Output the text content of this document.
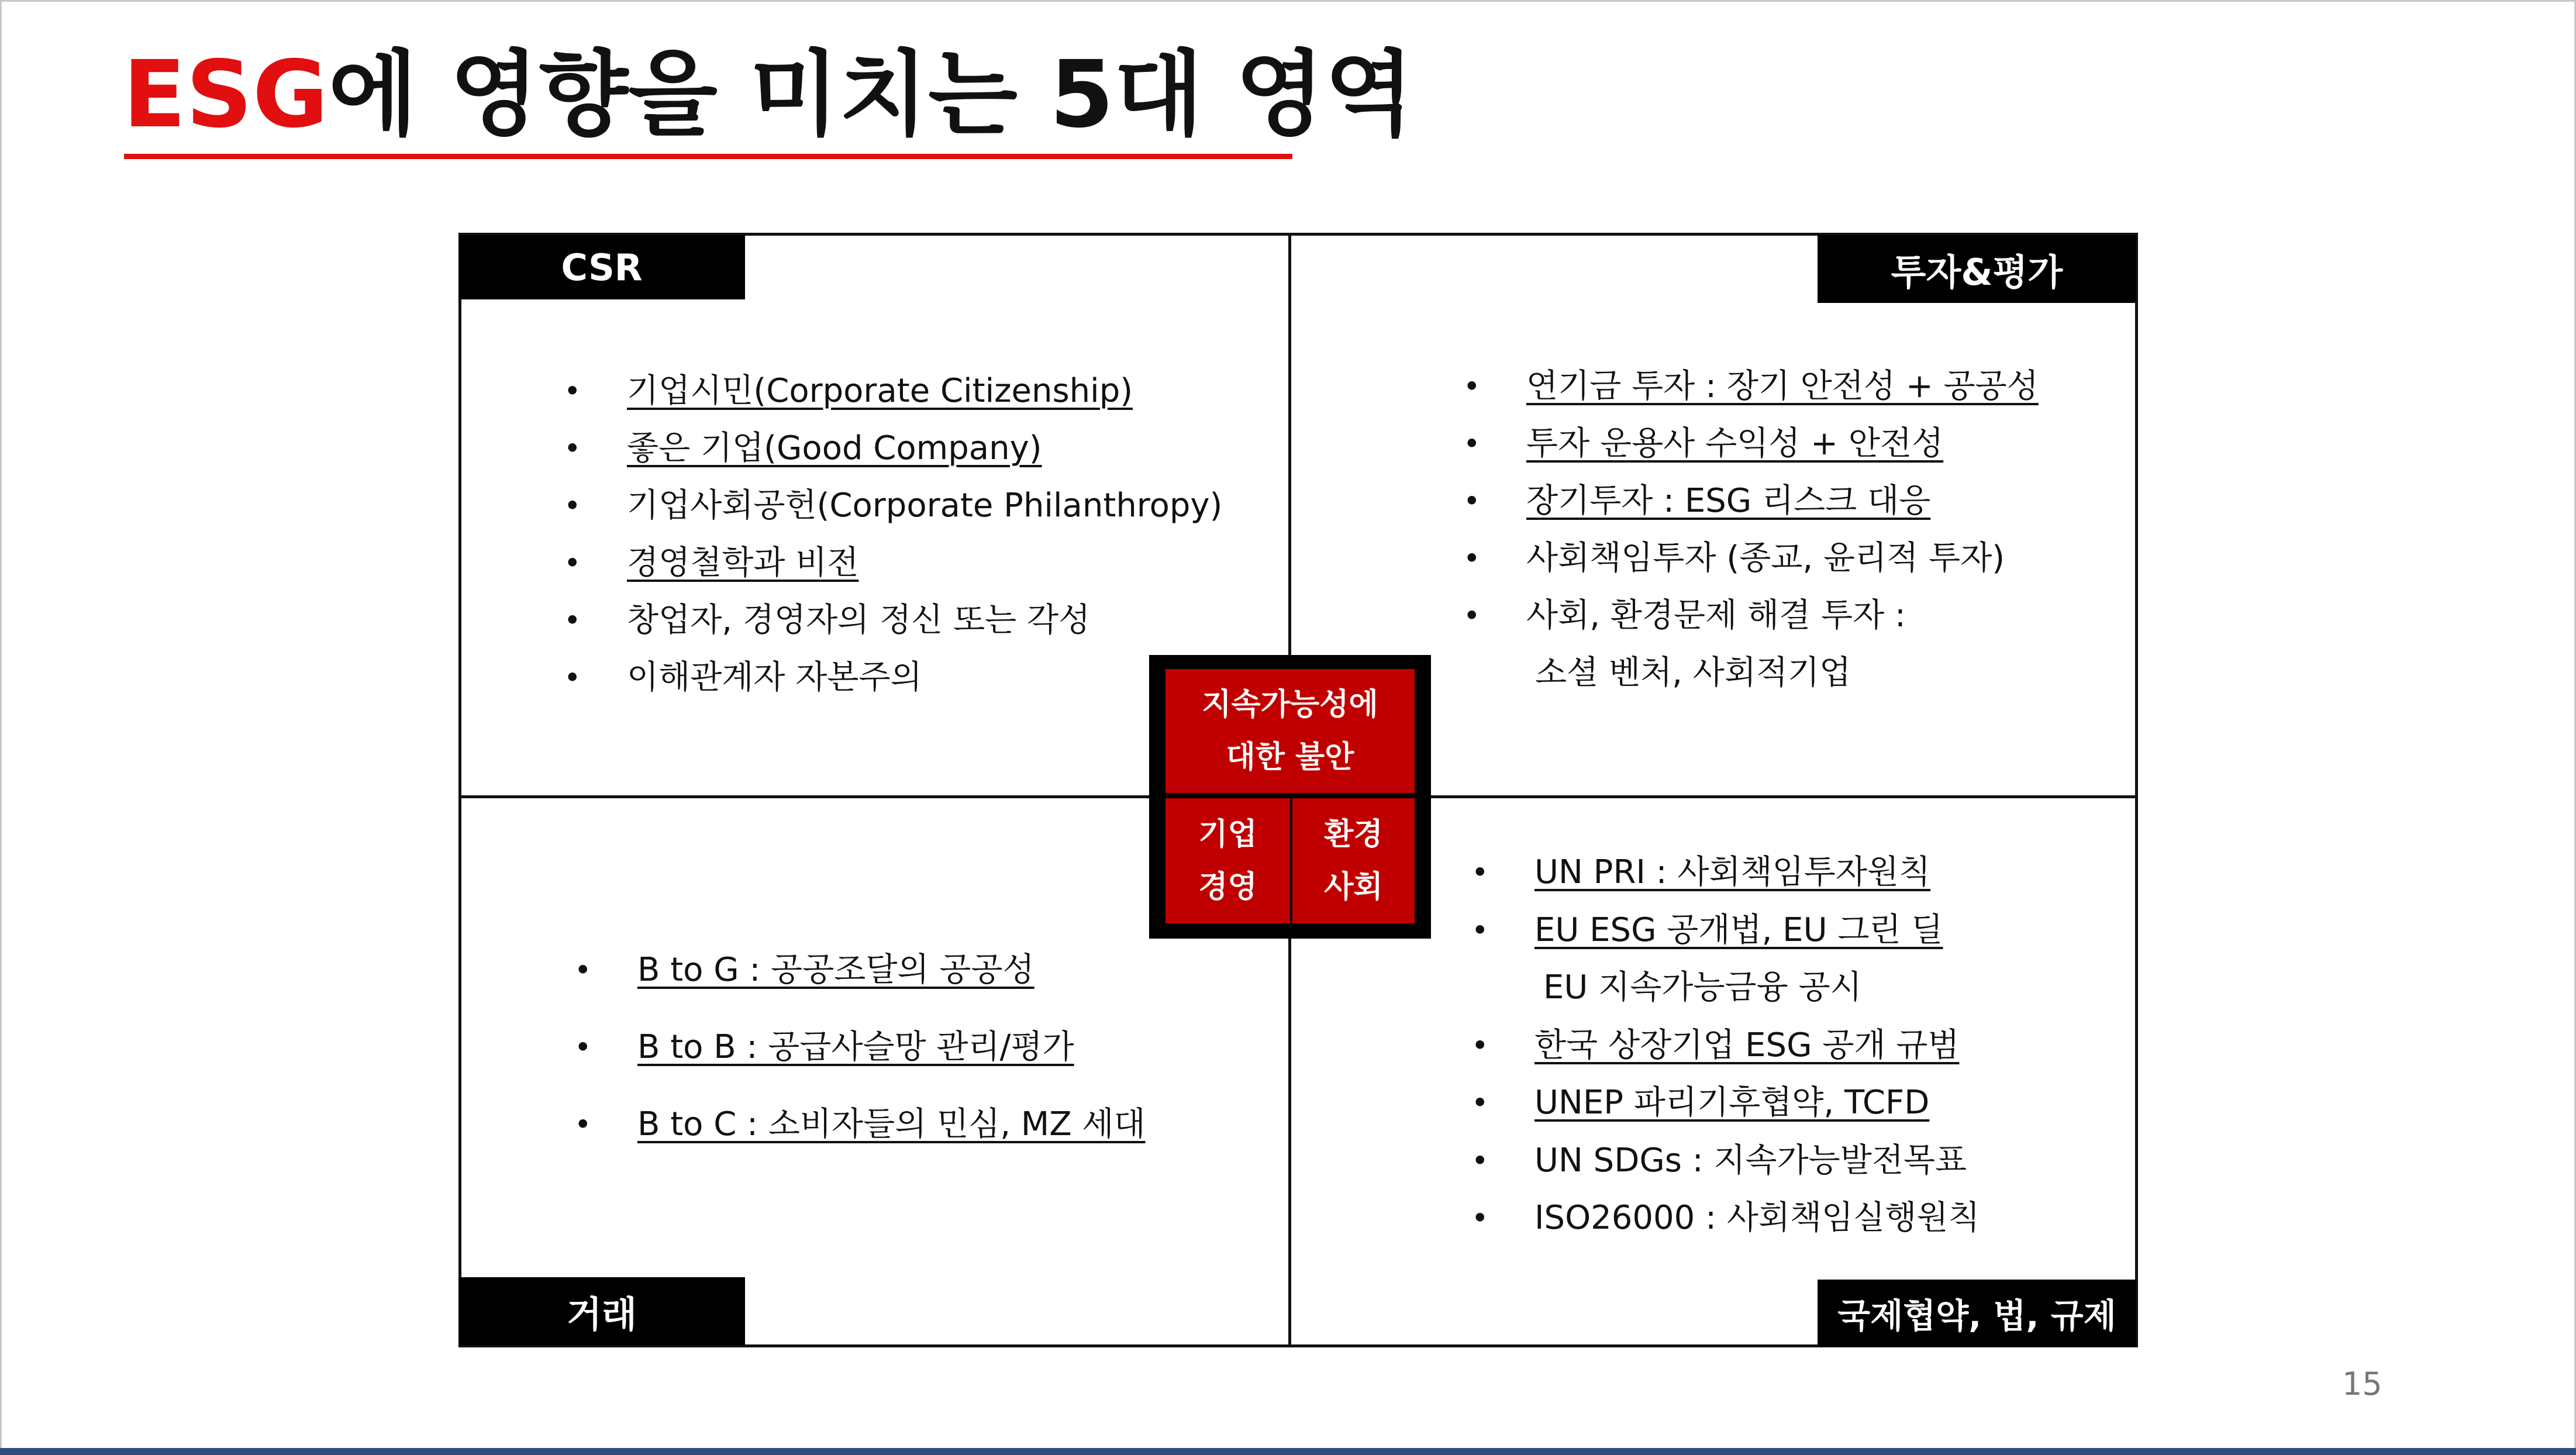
ESG에 영향을 미치는 5대 영역
CSR	투자&평가
거래	국제협약, 법, 규제
• 기업시민(Corporate Citizenship)
• 좋은 기업(Good Company)
• 기업사회공헌(Corporate Philanthropy)
• 경영철학과 비전
• 창업자, 경영자의 정신 또는 각성
• 이해관계자 자본주의
• 연기금 투자 : 장기 안전성 + 공공성
• 투자 운용사 수익성 + 안전성
• 장기투자 : ESG 리스크 대응
• 사회책임투자 (종교, 윤리적 투자)
• 사회, 환경문제 해결 투자 :
소셜 벤처, 사회적기업
• B to G : 공공조달의 공공성
• B to B : 공급사슬망 관리/평가
• B to C : 소비자들의 민심, MZ 세대
• UN PRI : 사회책임투자원칙
• EU ESG 공개법, EU 그린 딜
EU 지속가능금융 공시
• 한국 상장기업 ESG 공개 규범
• UNEP 파리기후협약, TCFD
• UN SDGs : 지속가능발전목표
• ISO26000 : 사회책임실행원칙
지속가능성에
대한 불안
기업
경영
환경
사회
15
